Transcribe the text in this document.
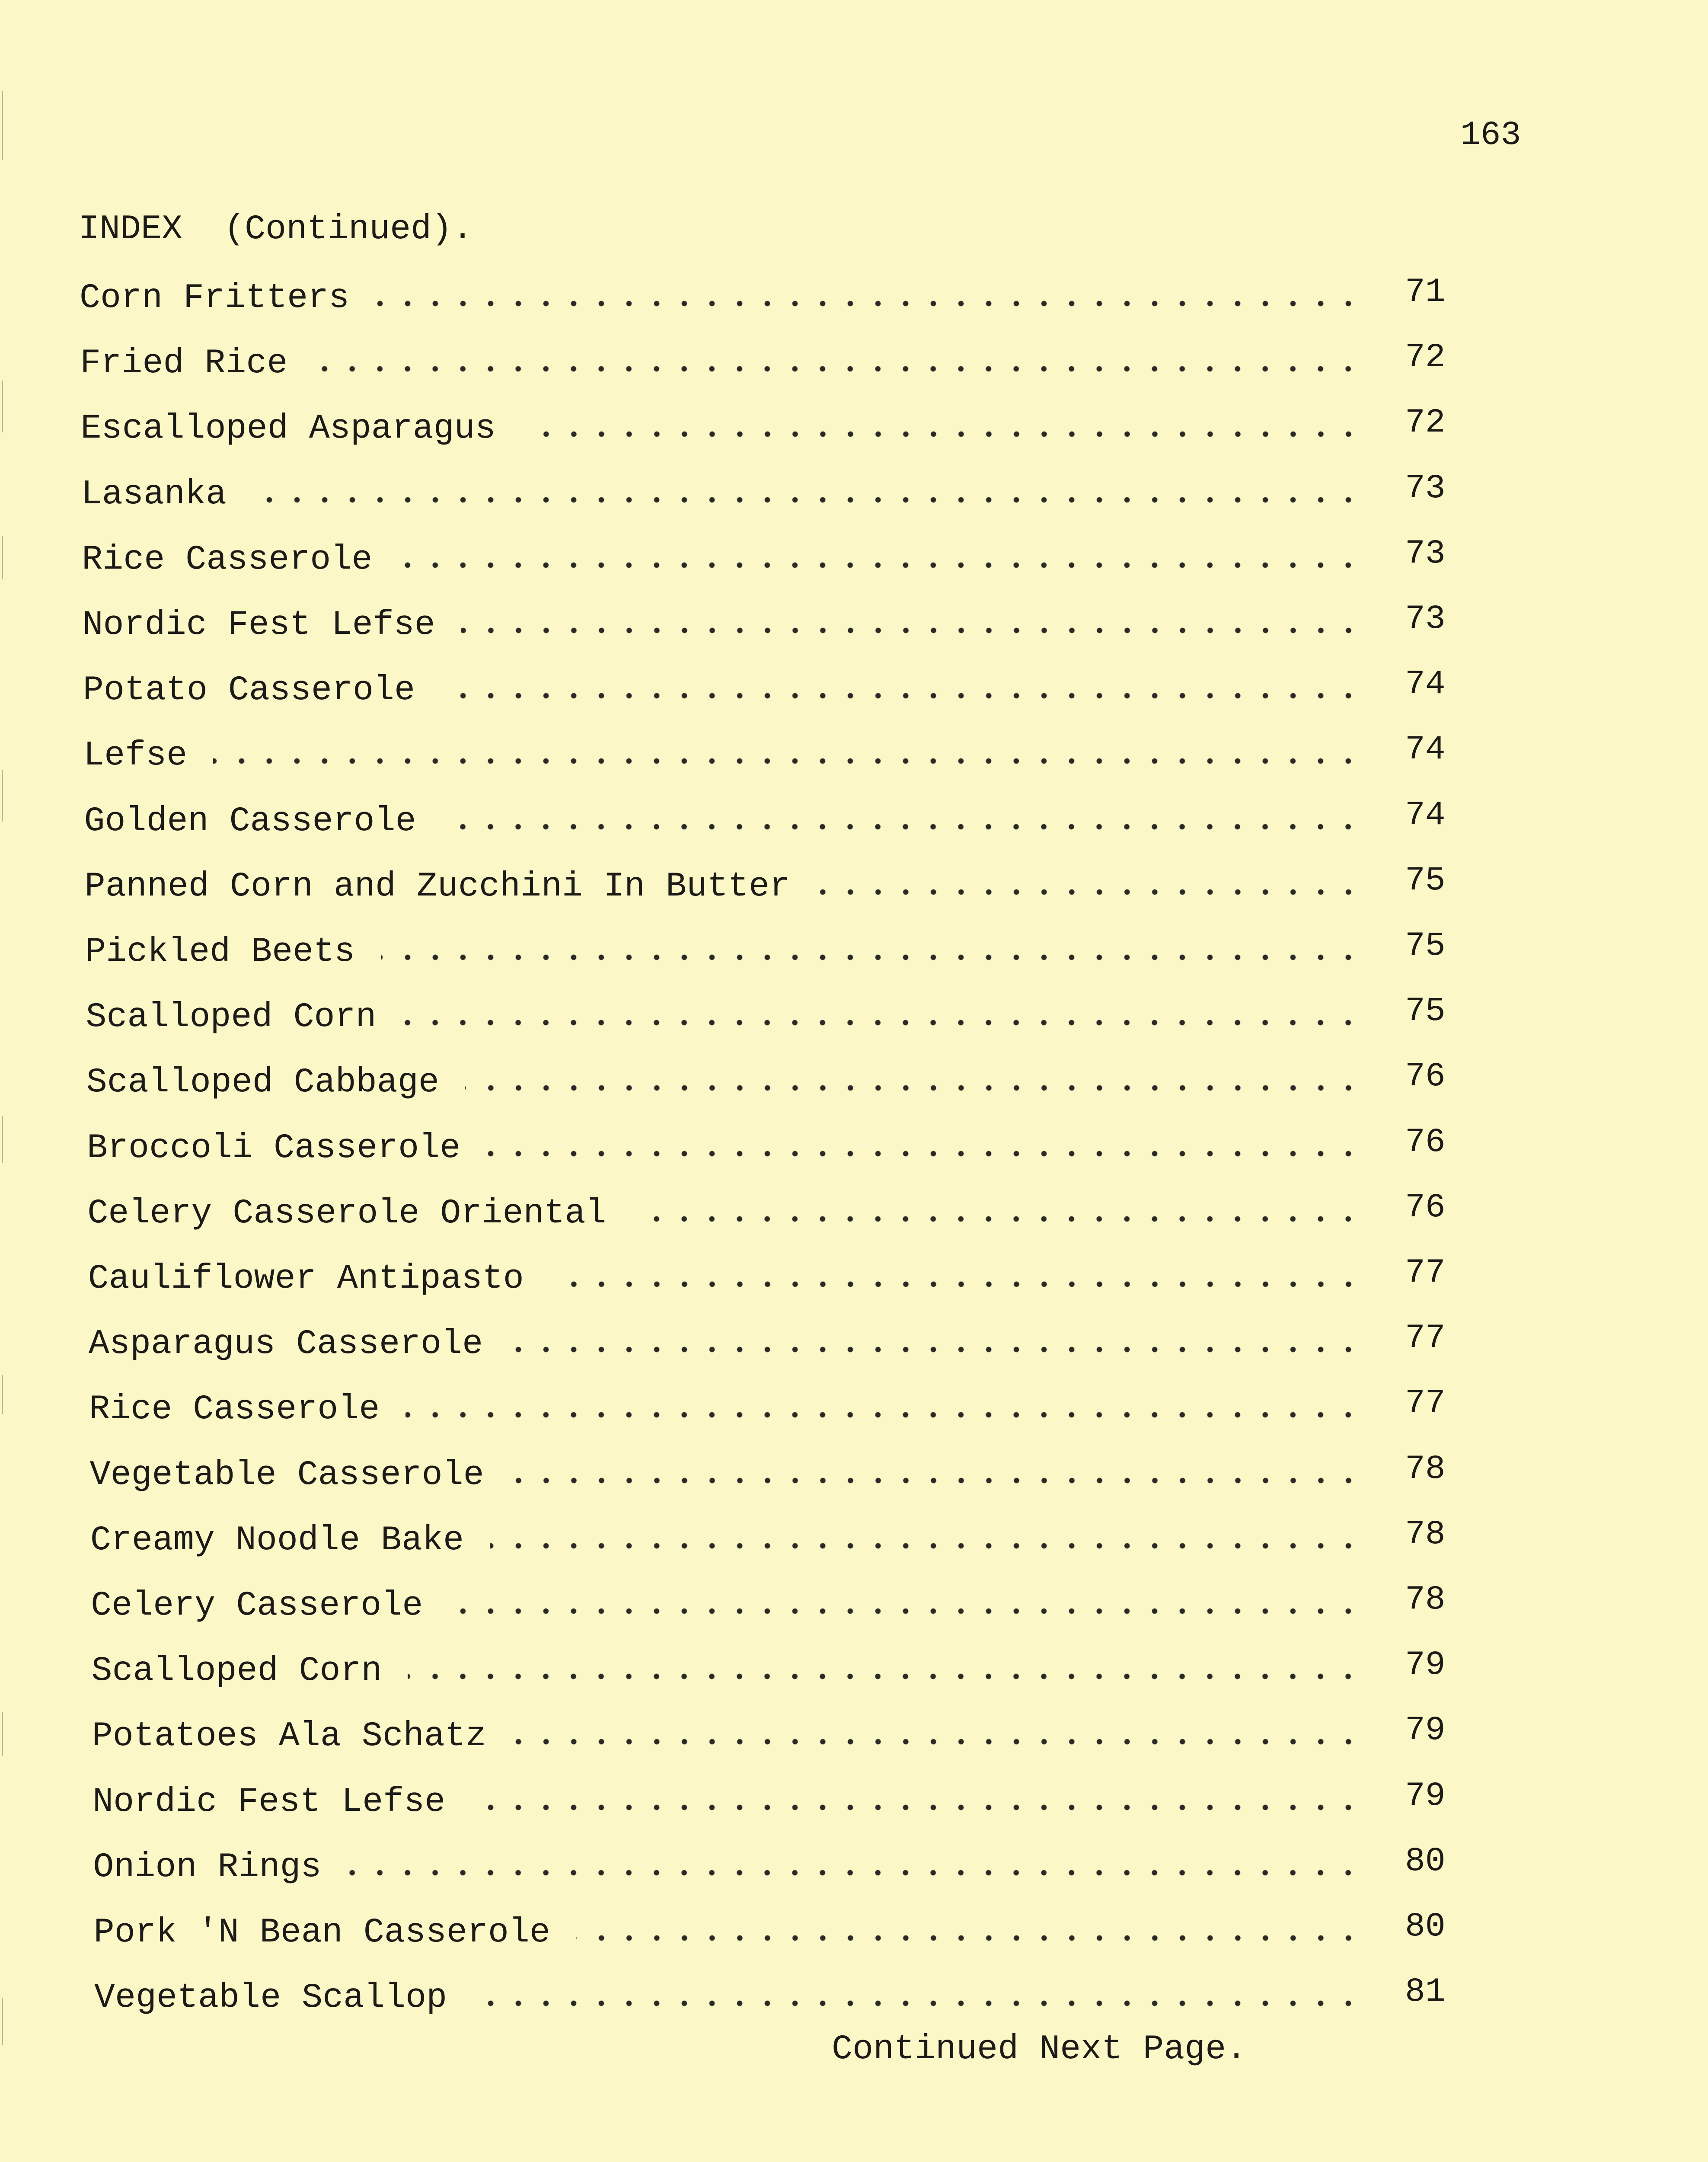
163
INDEX  (Continued).
Corn Fritters	71
Fried Rice	72
Escalloped Asparagus	72
Lasanka	73
Rice Casserole	73
Nordic Fest Lefse	73
Potato Casserole	74
Lefse	74
Golden Casserole	74
Panned Corn and Zucchini In Butter	75
Pickled Beets	75
Scalloped Corn	75
Scalloped Cabbage	76
Broccoli Casserole	76
Celery Casserole Oriental	76
Cauliflower Antipasto	77
Asparagus Casserole	77
Rice Casserole	77
Vegetable Casserole	78
Creamy Noodle Bake	78
Celery Casserole	78
Scalloped Corn	79
Potatoes Ala Schatz	79
Nordic Fest Lefse	79
Onion Rings	80
Pork 'N Bean Casserole	80
Vegetable Scallop	81
Continued Next Page.
